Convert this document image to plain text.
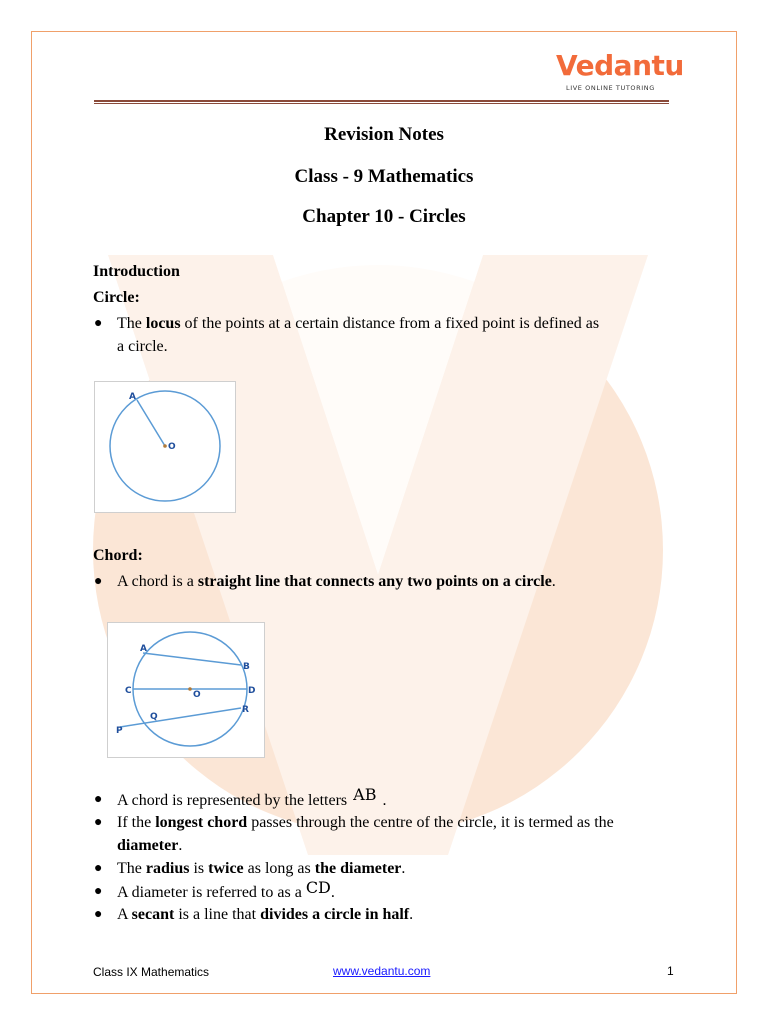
Vedantu
LIVE ONLINE TUTORING
Revision Notes
Class - 9 Mathematics
Chapter 10 - Circles
Introduction
Circle:
● The locus of the points at a certain distance from a fixed point is defined as
a circle.
A
O
Chord:
● A chord is a straight line that connects any two points on a circle.
A
B
C	O	D
Q
R
P
● A chord is represented by the letters AB .
● If the longest chord passes through the centre of the circle, it is termed as the
diameter.
● The radius is twice as long as the diameter.
● A diameter is referred to as a CD.
● A secant is a line that divides a circle in half.
Class IX Mathematics	www.vedantu.com	1
